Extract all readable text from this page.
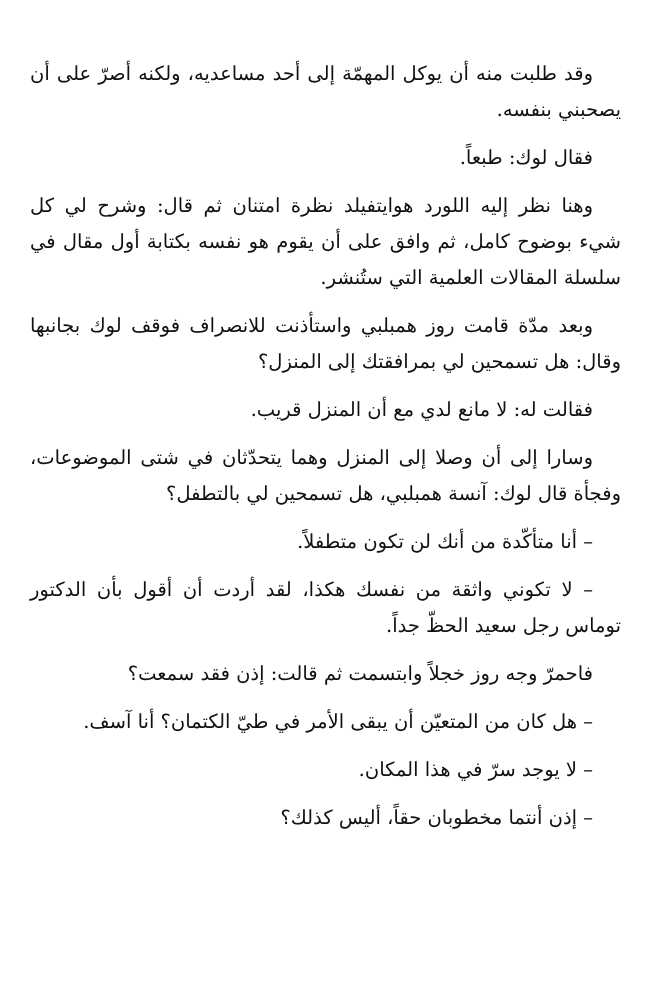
وقد طلبت منه أن يوكل المهمّة إلى أحد مساعديه، ولكنه أصرّ على أن يصحبني بنفسه.

فقال لوك: طبعاً.

وهنا نظر إليه اللورد هوايتفيلد نظرة امتنان ثم قال: وشرح لي كل شيء بوضوح كامل، ثم وافق على أن يقوم هو نفسه بكتابة أول مقال في سلسلة المقالات العلمية التي ستُنشر.

وبعد مدّة قامت روز همبلبي واستأذنت للانصراف فوقف لوك بجانبها وقال: هل تسمحين لي بمرافقتك إلى المنزل؟

فقالت له: لا مانع لدي مع أن المنزل قريب.

وسارا إلى أن وصلا إلى المنزل وهما يتحدّثان في شتى الموضوعات، وفجأة قال لوك: آنسة همبلبي، هل تسمحين لي بالتطفل؟

– أنا متأكّدة من أنك لن تكون متطفلاً.

– لا تكوني واثقة من نفسك هكذا، لقد أردت أن أقول بأن الدكتور توماس رجل سعيد الحظّ جداً.

فاحمرّ وجه روز خجلاً وابتسمت ثم قالت: إذن فقد سمعت؟

– هل كان من المتعيّن أن يبقى الأمر في طيّ الكتمان؟ أنا آسف.

– لا يوجد سرّ في هذا المكان.

– إذن أنتما مخطوبان حقاً، أليس كذلك؟
